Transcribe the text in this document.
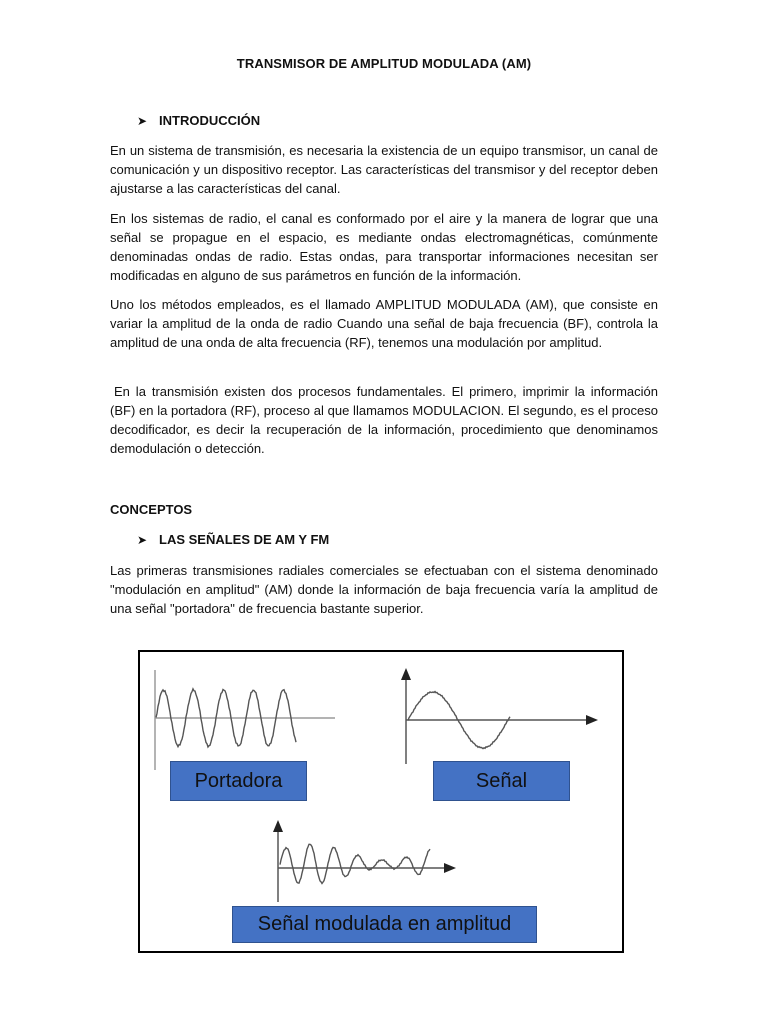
TRANSMISOR DE AMPLITUD MODULADA (AM)
➤ INTRODUCCIÓN

En un sistema de transmisión, es necesaria la existencia de un equipo transmisor, un canal de comunicación y un dispositivo receptor. Las características del transmisor y del receptor deben ajustarse a las características del canal.

En los sistemas de radio, el canal es conformado por el aire y la manera de lograr que una señal se propague en el espacio, es mediante ondas electromagnéticas, comúnmente denominadas ondas de radio. Estas ondas, para transportar informaciones necesitan ser modificadas en alguno de sus parámetros en función de la información.

Uno los métodos empleados, es el llamado AMPLITUD MODULADA (AM), que consiste en variar la amplitud de la onda de radio Cuando una señal de baja frecuencia (BF), controla la amplitud de una onda de alta frecuencia (RF), tenemos una modulación por amplitud.

En la transmisión existen dos procesos fundamentales. El primero, imprimir la información (BF) en la portadora (RF), proceso al que llamamos MODULACION. El segundo, es el proceso decodificador, es decir la recuperación de la información, procedimiento que denominamos demodulación o detección.

CONCEPTOS
➤ LAS SEÑALES DE AM Y FM

Las primeras transmisiones radiales comerciales se efectuaban con el sistema denominado "modulación en amplitud" (AM) donde la información de baja frecuencia varía la amplitud de una señal "portadora" de frecuencia bastante superior.

Portadora	Señal
Señal modulada en amplitud
